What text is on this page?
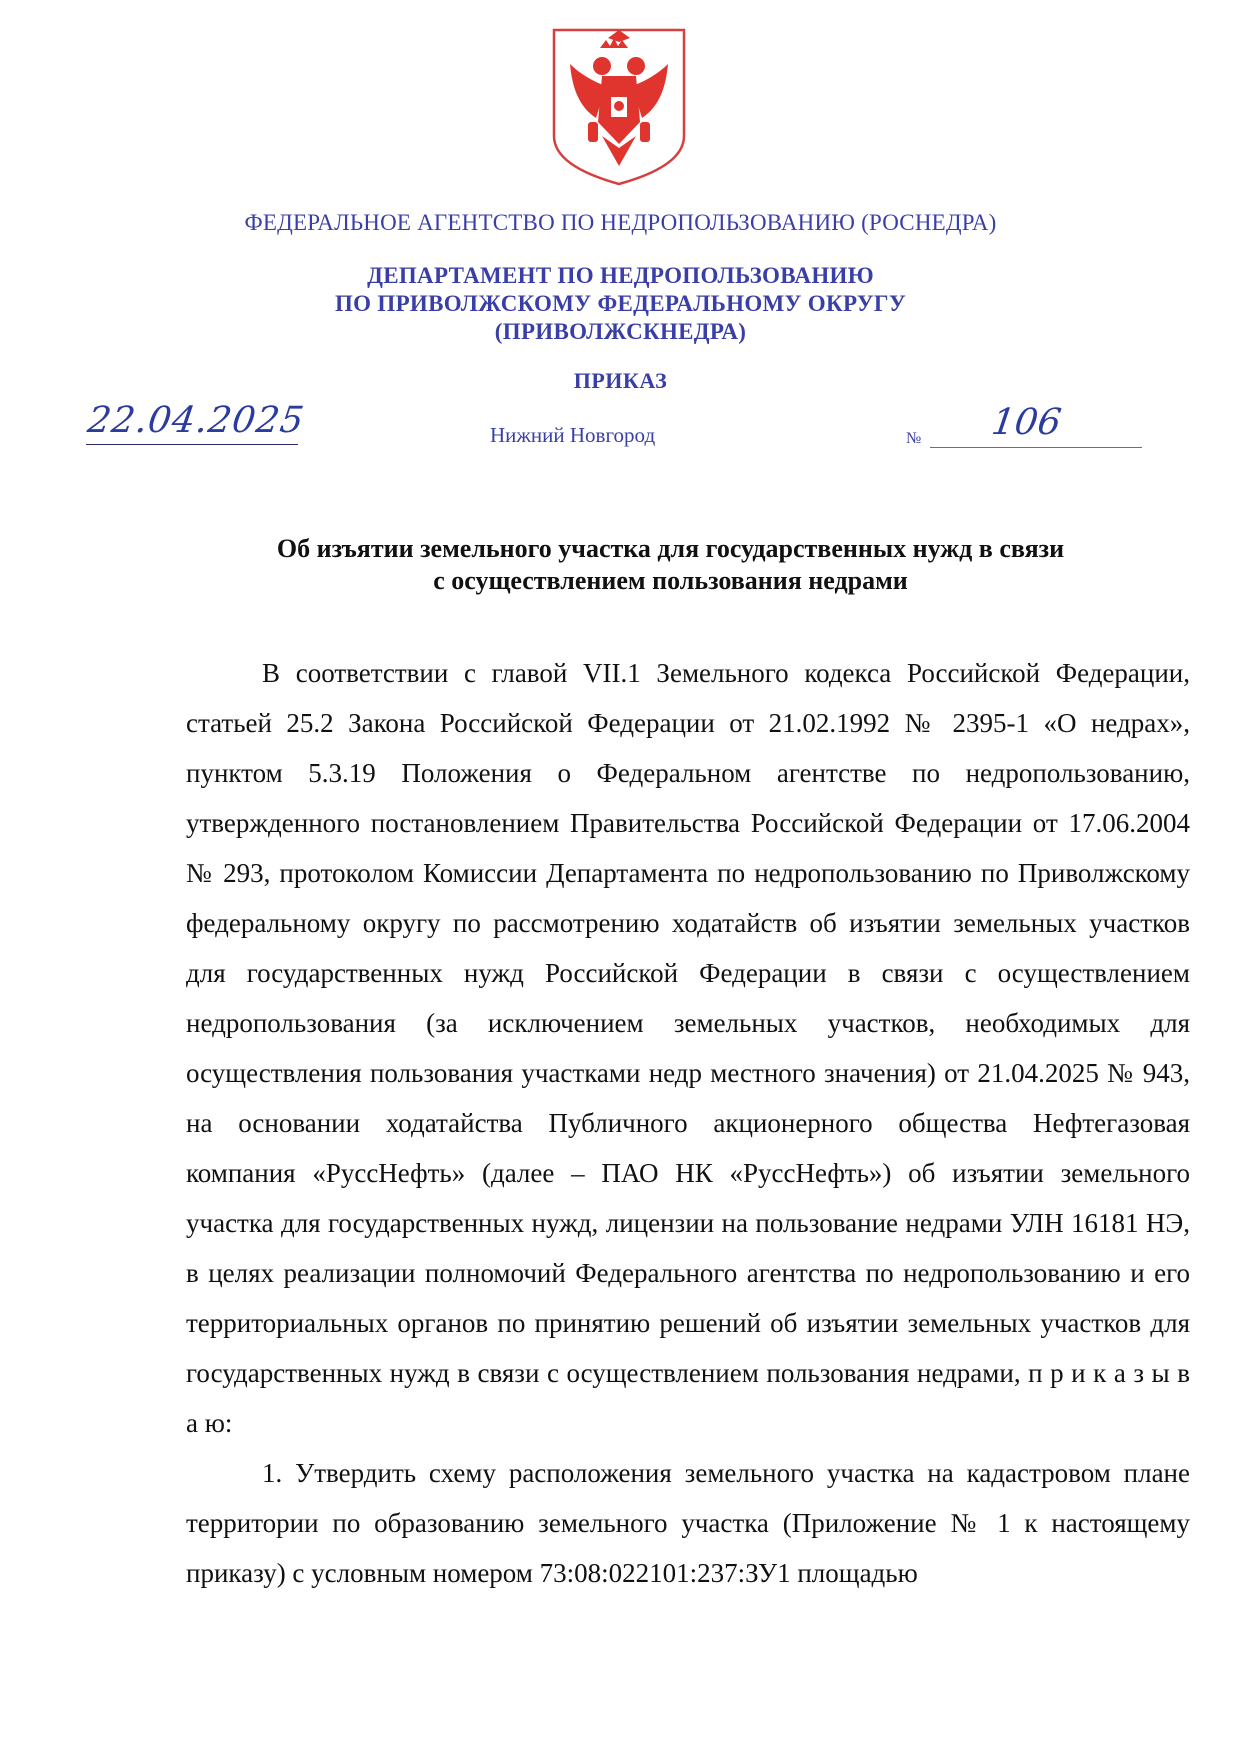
ФЕДЕРАЛЬНОЕ АГЕНТСТВО ПО НЕДРОПОЛЬЗОВАНИЮ (РОСНЕДРА)
ДЕПАРТАМЕНТ ПО НЕДРОПОЛЬЗОВАНИЮ
ПО ПРИВОЛЖСКОМУ ФЕДЕРАЛЬНОМУ ОКРУГУ
(ПРИВОЛЖСКНЕДРА)
ПРИКАЗ
22.04.2025	Нижний Новгород	№ 106
Об изъятии земельного участка для государственных нужд в связи
с осуществлением пользования недрами

В соответствии с главой VII.1 Земельного кодекса Российской Федерации, статьей 25.2 Закона Российской Федерации от 21.02.1992 № 2395-1 «О недрах», пунктом 5.3.19 Положения о Федеральном агентстве по недропользованию, утвержденного постановлением Правительства Российской Федерации от 17.06.2004 № 293, протоколом Комиссии Департамента по недропользованию по Приволжскому федеральному округу по рассмотрению ходатайств об изъятии земельных участков для государственных нужд Российской Федерации в связи с осуществлением недропользования (за исключением земельных участков, необходимых для осуществления пользования участками недр местного значения) от 21.04.2025 № 943, на основании ходатайства Публичного акционерного общества Нефтегазовая компания «РуссНефть» (далее – ПАО НК «РуссНефть») об изъятии земельного участка для государственных нужд, лицензии на пользование недрами УЛН 16181 НЭ, в целях реализации полномочий Федерального агентства по недропользованию и его территориальных органов по принятию решений об изъятии земельных участков для государственных нужд в связи с осуществлением пользования недрами, п р и к а з ы в а ю:

1. Утвердить схему расположения земельного участка на кадастровом плане территории по образованию земельного участка (Приложение № 1 к настоящему приказу) с условным номером 73:08:022101:237:ЗУ1 площадью
